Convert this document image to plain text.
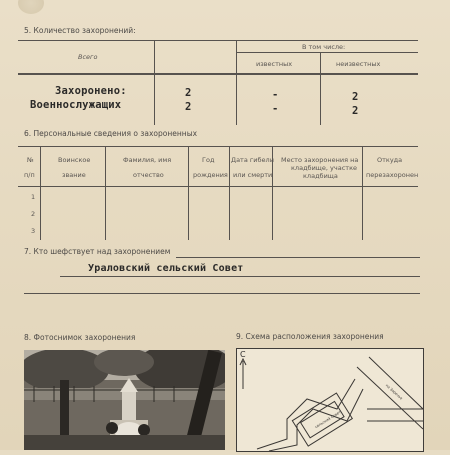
5. Количество захоронений:
Всего
В том числе:
известных	неизвестных
Захоронено:
Военнослужащих
2
2
-
-
2
2
6. Персональные сведения о захороненных
№
п/п
Воинское
звание
Фамилия, имя
отчество
Год
рождения
Дата гибели
или смерти
Место захоронения на
кладбище, участке
кладбища
Откуда
перезахоронен
1
2
3
7. Кто шефствует над захоронением
Ураловский сельский Совет
8. Фотоснимок захоронения	9. Схема расположения захоронения
на Заречье
сельский Совет
С
